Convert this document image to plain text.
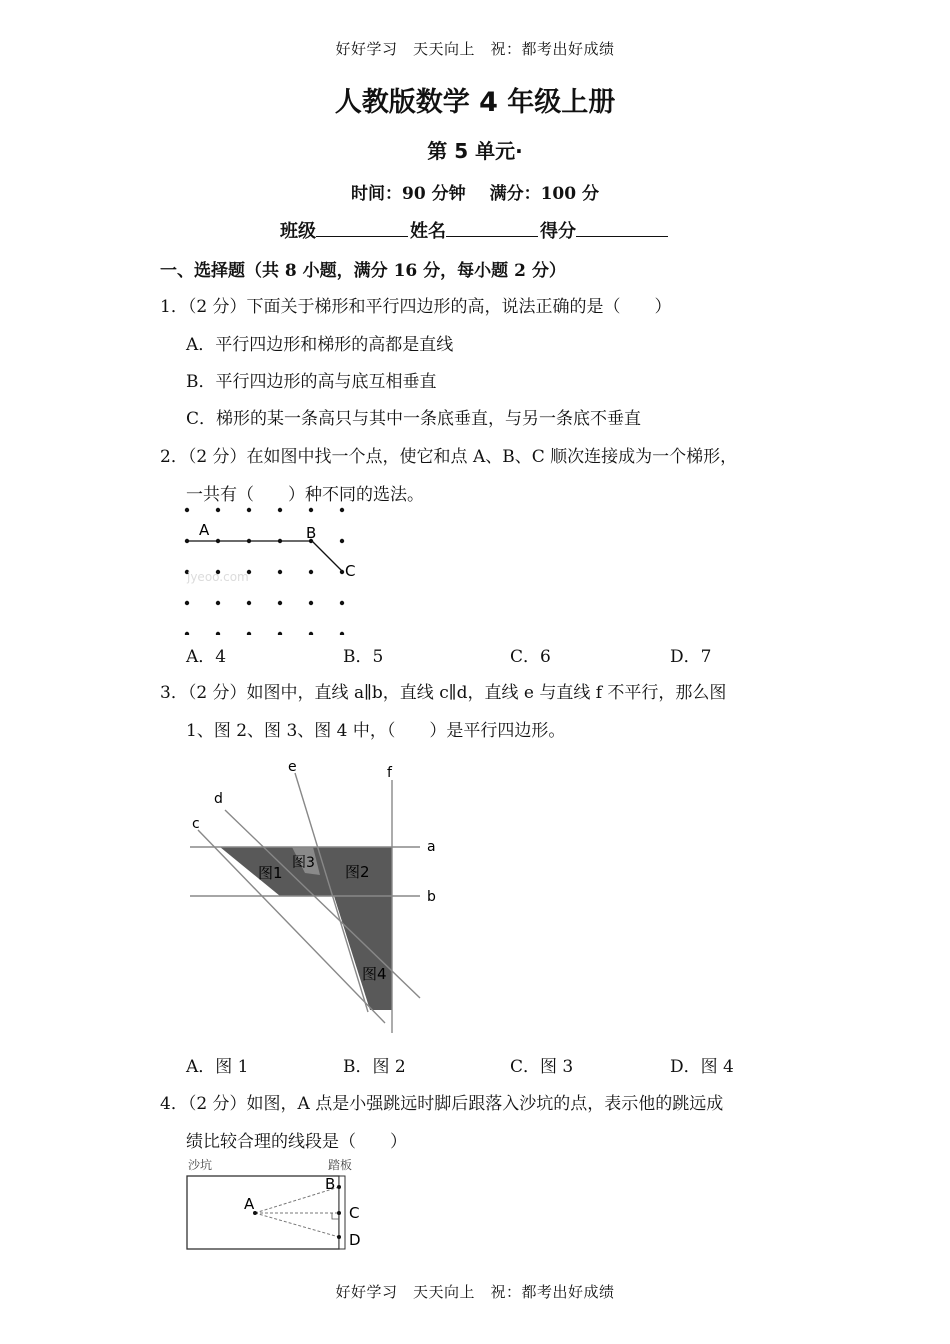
好好学习　天天向上　祝：都考出好成绩
人教版数学 4 年级上册
第 5 单元·
时间：90 分钟 满分：100 分
班级	姓名	得分
一、选择题（共 8 小题，满分 16 分，每小题 2 分）
1．（2 分）下面关于梯形和平行四边形的高，说法正确的是（　　）
A．平行四边形和梯形的高都是直线
B．平行四边形的高与底互相垂直
C．梯形的某一条高只与其中一条底垂直，与另一条底不垂直
2．（2 分）在如图中找一个点，使它和点 A、B、C 顺次连接成为一个梯形，
一共有（　　）种不同的选法。
A	B
C
jyeoo.com
A．4	B．5	C．6	D．7
3．（2 分）如图中，直线 a∥b，直线 c∥d，直线 e 与直线 f 不平行，那么图
1、图 2、图 3、图 4 中，（　　）是平行四边形。
a
b
c
d
e	f
图1	图2
图3
图4
A．图 1	B．图 2	C．图 3	D．图 4
4．（2 分）如图，A 点是小强跳远时脚后跟落入沙坑的点，表示他的跳远成
绩比较合理的线段是（　　）
沙坑	踏板
A
B
C
D
好好学习　天天向上　祝：都考出好成绩
